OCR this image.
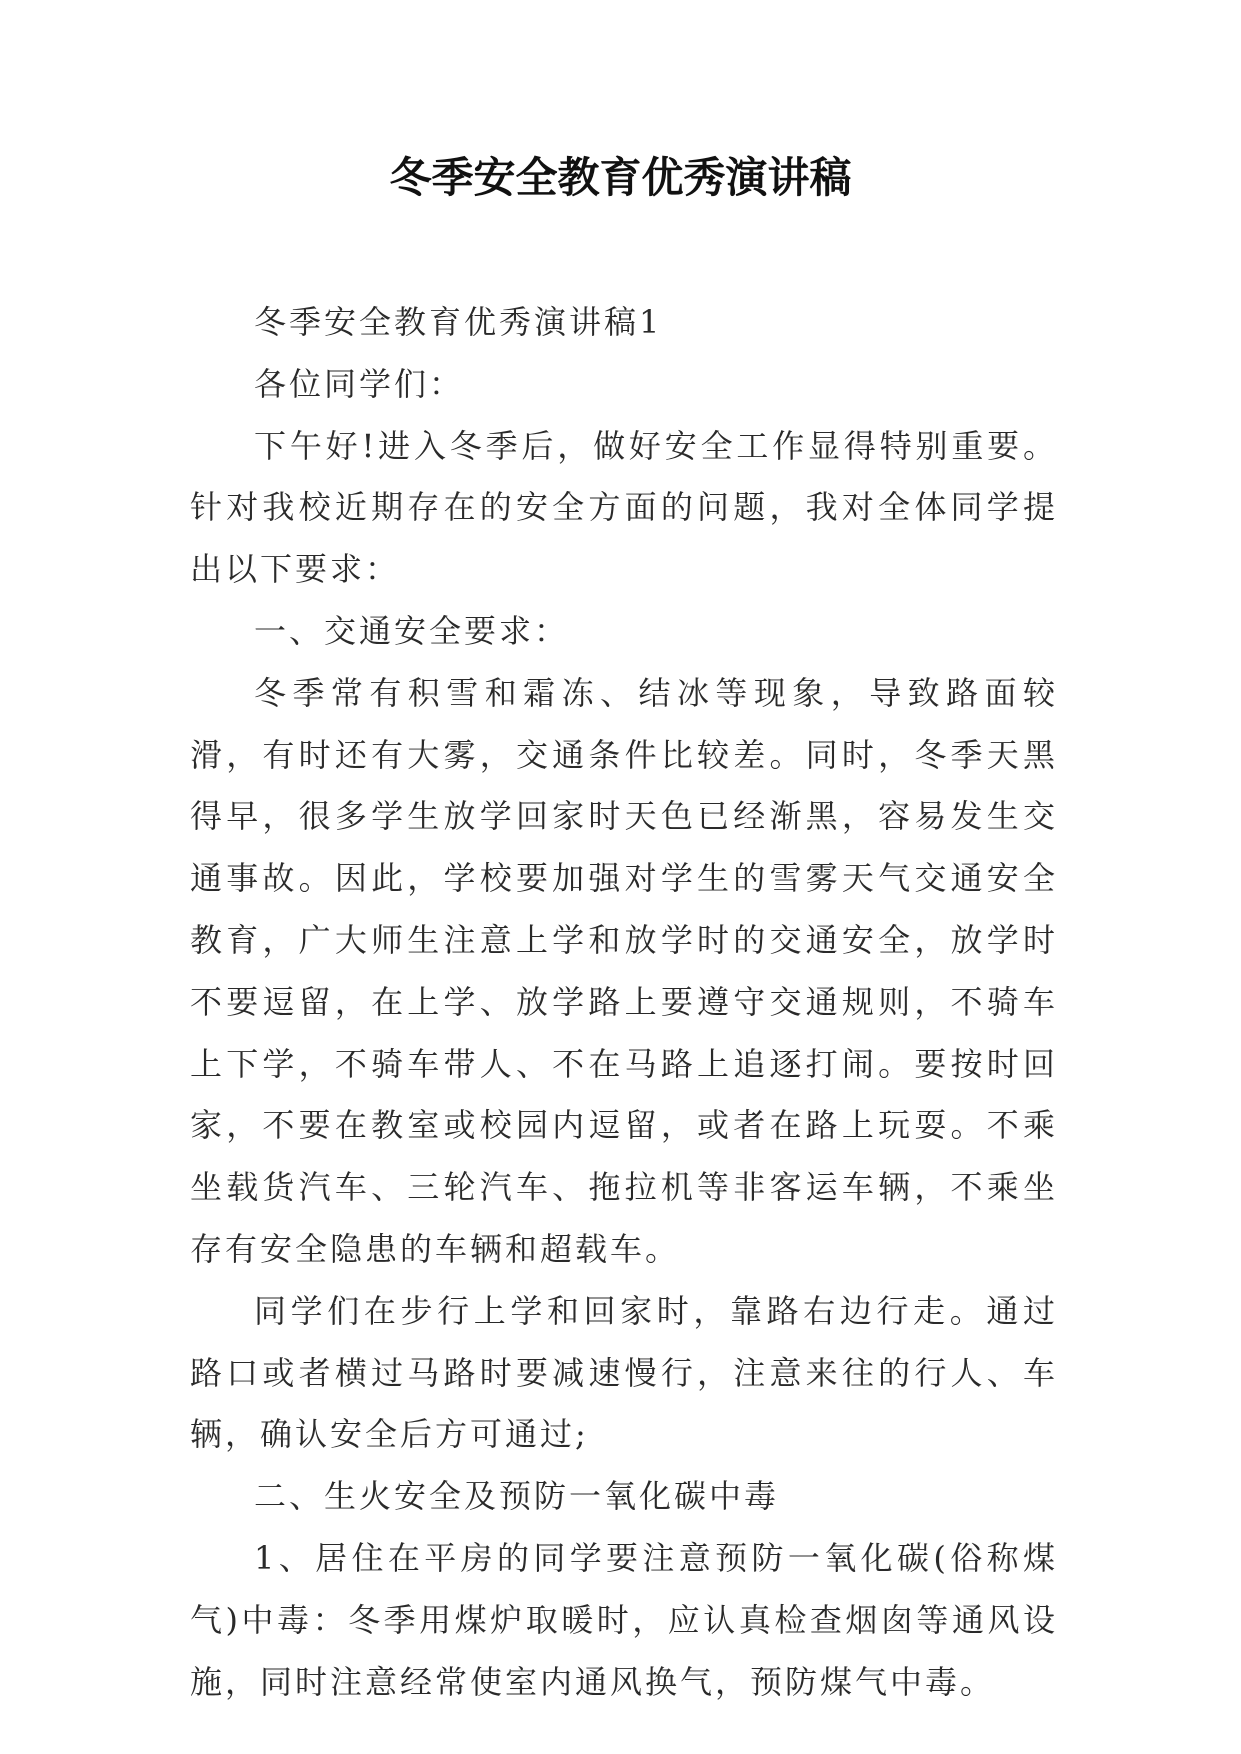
冬季安全教育优秀演讲稿

冬季安全教育优秀演讲稿1

各位同学们：

下午好!进入冬季后，做好安全工作显得特别重要。针对我校近期存在的安全方面的问题，我对全体同学提出以下要求：

一、交通安全要求：

冬季常有积雪和霜冻、结冰等现象，导致路面较滑，有时还有大雾，交通条件比较差。同时，冬季天黑得早，很多学生放学回家时天色已经渐黑，容易发生交通事故。因此，学校要加强对学生的雪雾天气交通安全教育，广大师生注意上学和放学时的交通安全，放学时不要逗留，在上学、放学路上要遵守交通规则，不骑车上下学，不骑车带人、不在马路上追逐打闹。要按时回家，不要在教室或校园内逗留，或者在路上玩耍。不乘坐载货汽车、三轮汽车、拖拉机等非客运车辆，不乘坐存有安全隐患的车辆和超载车。

同学们在步行上学和回家时，靠路右边行走。通过路口或者横过马路时要减速慢行，注意来往的行人、车辆，确认安全后方可通过;

二、生火安全及预防一氧化碳中毒

1、居住在平房的同学要注意预防一氧化碳(俗称煤气)中毒：冬季用煤炉取暖时，应认真检查烟囱等通风设施，同时注意经常使室内通风换气，预防煤气中毒。
